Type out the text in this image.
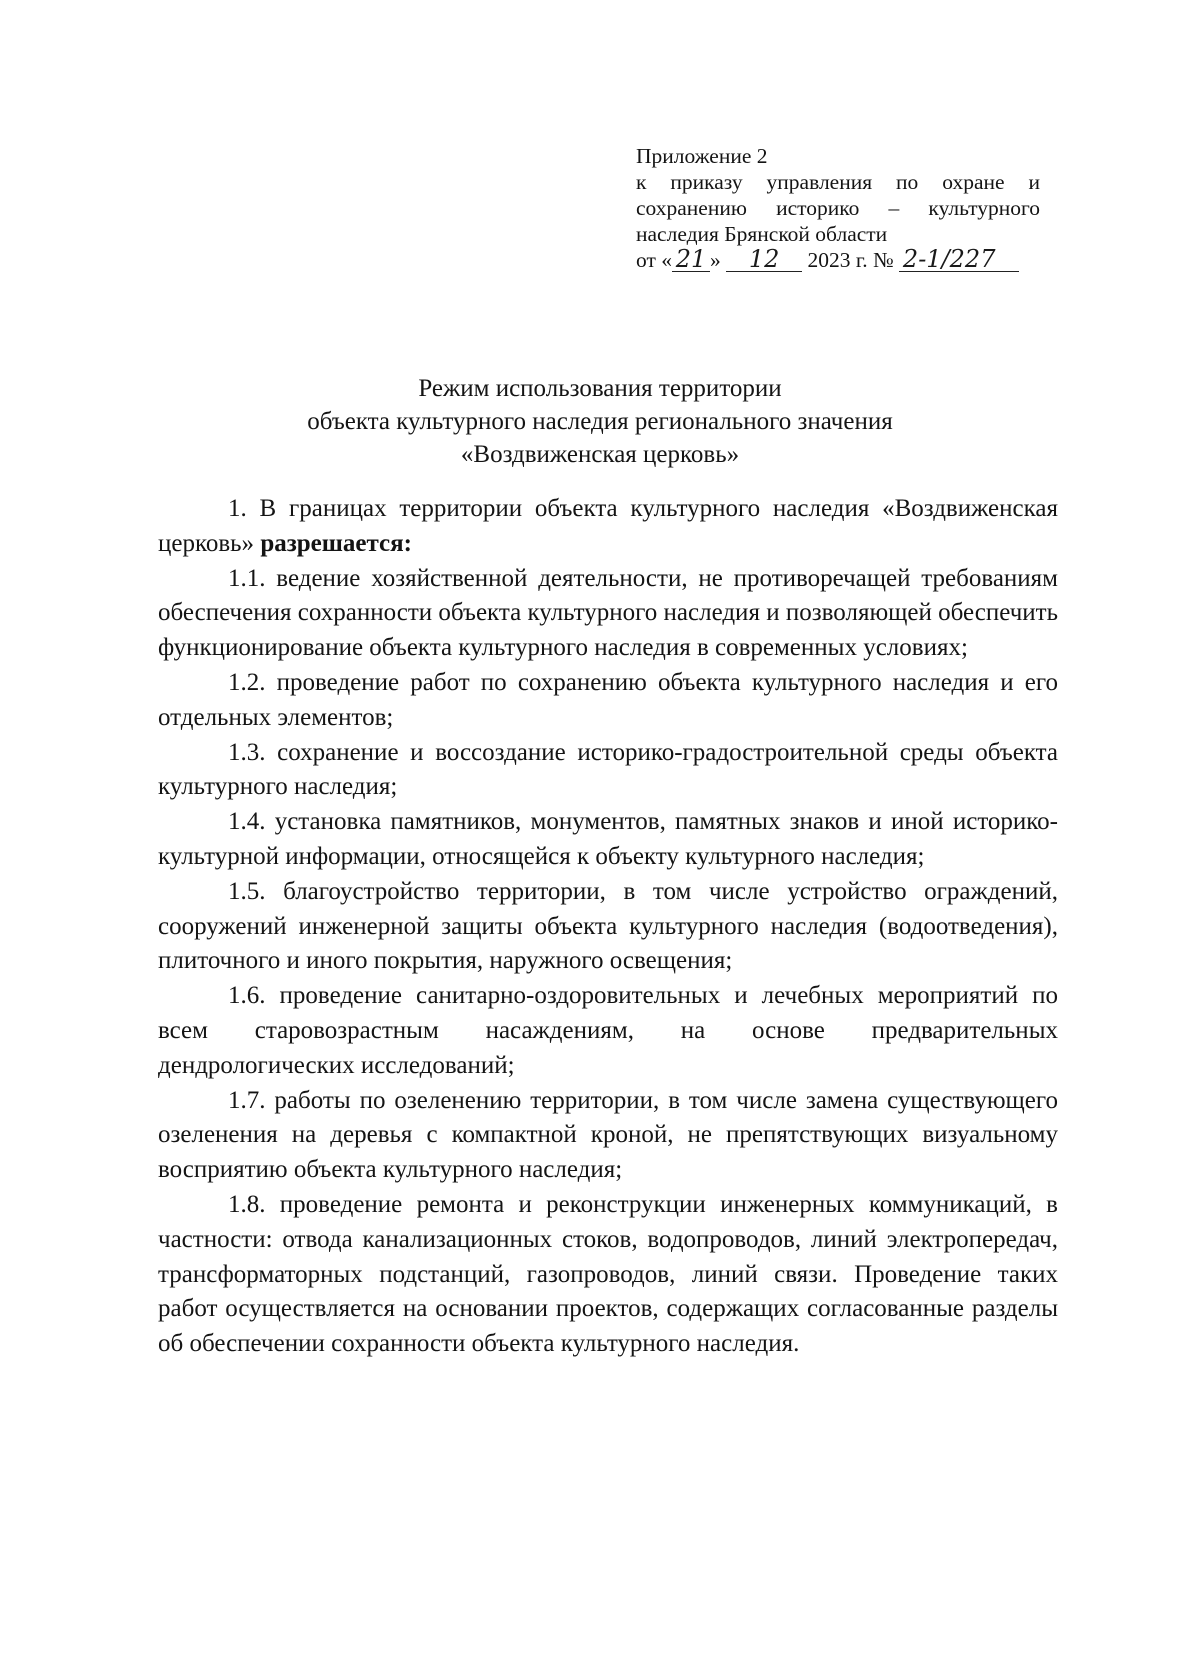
Приложение 2
к приказу управления по охране и
сохранению историко – культурного
наследия Брянской области
от « 21 » 12 2023 г. № 2-1/227
Режим использования территории
объекта культурного наследия регионального значения
«Воздвиженская церковь»

1. В границах территории объекта культурного наследия «Воздвиженская церковь» разрешается:

1.1. ведение хозяйственной деятельности, не противоречащей требованиям обеспечения сохранности объекта культурного наследия и позволяющей обеспечить функционирование объекта культурного наследия в современных условиях;

1.2. проведение работ по сохранению объекта культурного наследия и его отдельных элементов;

1.3. сохранение и воссоздание историко-градостроительной среды объекта культурного наследия;

1.4. установка памятников, монументов, памятных знаков и иной историко-культурной информации, относящейся к объекту культурного наследия;

1.5. благоустройство территории, в том числе устройство ограждений, сооружений инженерной защиты объекта культурного наследия (водоотведения), плиточного и иного покрытия, наружного освещения;

1.6. проведение санитарно-оздоровительных и лечебных мероприятий по всем старовозрастным насаждениям, на основе предварительных дендрологических исследований;

1.7. работы по озеленению территории, в том числе замена существующего озеленения на деревья с компактной кроной, не препятствующих визуальному восприятию объекта культурного наследия;

1.8. проведение ремонта и реконструкции инженерных коммуникаций, в частности: отвода канализационных стоков, водопроводов, линий электропередач, трансформаторных подстанций, газопроводов, линий связи. Проведение таких работ осуществляется на основании проектов, содержащих согласованные разделы об обеспечении сохранности объекта культурного наследия.
